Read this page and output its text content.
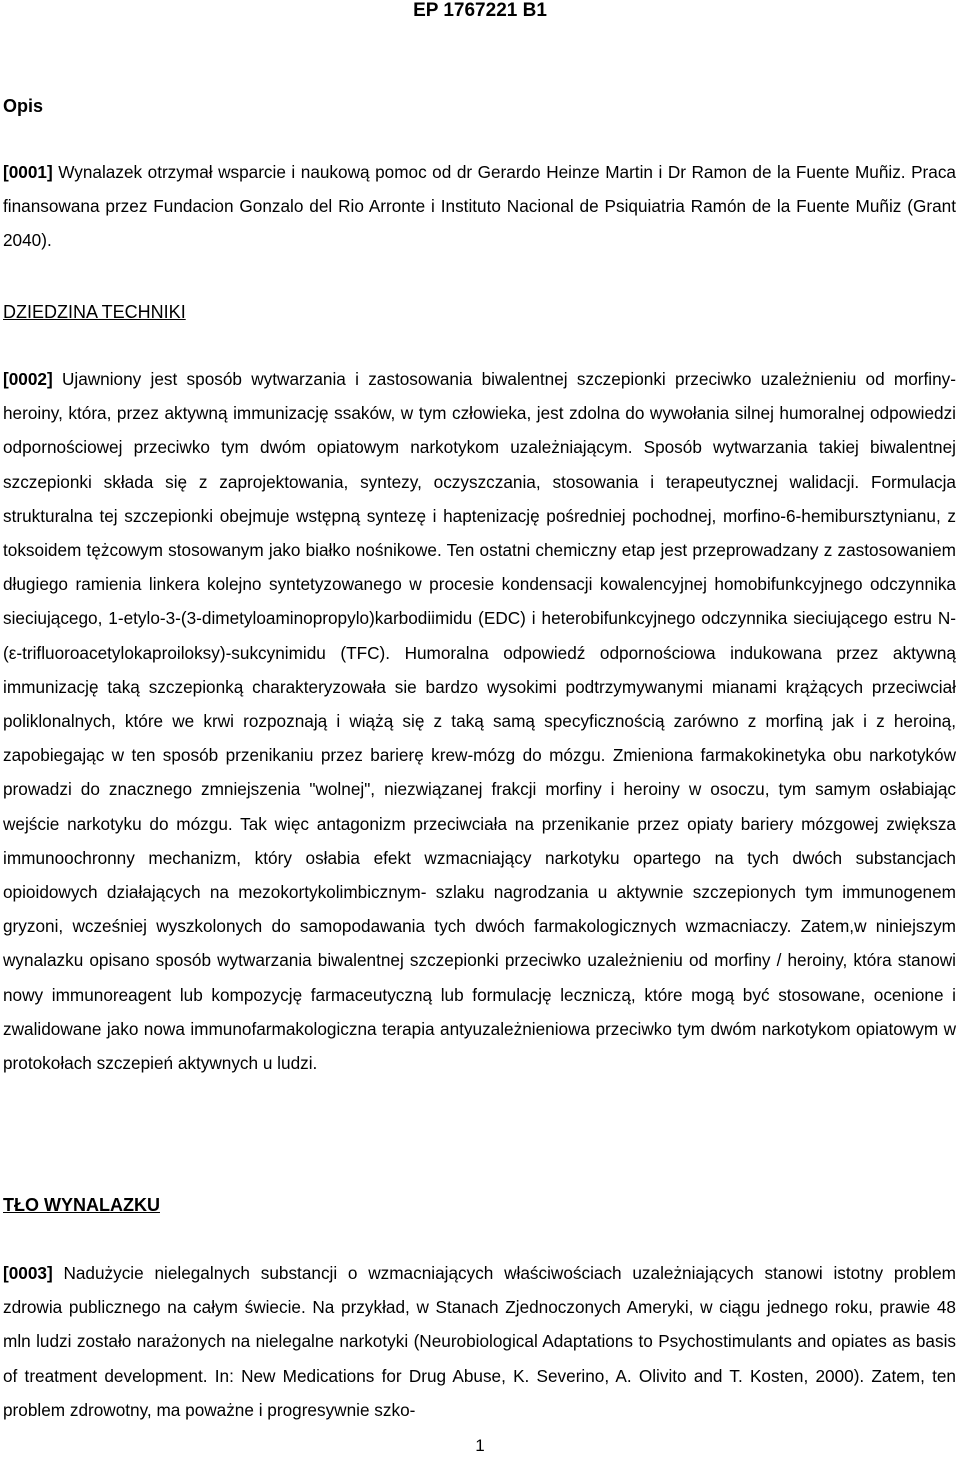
EP 1767221 B1
Opis

[0001] Wynalazek otrzymał wsparcie i naukową pomoc od dr Gerardo Heinze Martin i Dr Ramon de la Fuente Muñiz. Praca finansowana przez Fundacion Gonzalo del Rio Arronte i Instituto Nacional de Psiquiatria Ramón de la Fuente Muñiz (Grant 2040).

DZIEDZINA TECHNIKI

[0002] Ujawniony jest sposób wytwarzania i zastosowania biwalentnej szczepionki przeciwko uzależnieniu od morfiny-heroiny, która, przez aktywną immunizację ssaków, w tym człowieka, jest zdolna do wywołania silnej humoralnej odpowiedzi odpornościowej przeciwko tym dwóm opiatowym narkotykom uzależniającym. Sposób wytwarzania takiej biwalentnej szczepionki składa się z zaprojektowania, syntezy, oczyszczania, stosowania i terapeutycznej walidacji. Formulacja strukturalna tej szczepionki obejmuje wstępną syntezę i haptenizację pośredniej pochodnej, morfino-6-hemibursztynianu, z toksoidem tężcowym stosowanym jako białko nośnikowe. Ten ostatni chemiczny etap jest przeprowadzany z zastosowaniem długiego ramienia linkera kolejno syntetyzowanego w procesie kondensacji kowalencyjnej homobifunkcyjnego odczynnika sieciującego, 1-etylo-3-(3-dimetyloaminopropylo)karbodiimidu (EDC) i heterobifunkcyjnego odczynnika sieciującego estru N-(ε-trifluoroacetylokaproiloksy)-sukcynimidu (TFC). Humoralna odpowiedź odpornościowa indukowana przez aktywną immunizację taką szczepionką charakteryzowała sie bardzo wysokimi podtrzymywanymi mianami krążących przeciwciał poliklonalnych, które we krwi rozpoznają i wiążą się z taką samą specyficznością zarówno z morfiną jak i z heroiną, zapobiegając w ten sposób przenikaniu przez barierę krew-mózg do mózgu. Zmieniona farmakokinetyka obu narkotyków prowadzi do znacznego zmniejszenia "wolnej", niezwiązanej frakcji morfiny i heroiny w osoczu, tym samym osłabiając wejście narkotyku do mózgu. Tak więc antagonizm przeciwciała na przenikanie przez opiaty bariery mózgowej zwiększa immunoochronny mechanizm, który osłabia efekt wzmacniający narkotyku opartego na tych dwóch substancjach opioidowych działających na mezokortykolimbicznym- szlaku nagrodzania u aktywnie szczepionych tym immunogenem gryzoni, wcześniej wyszkolonych do samopodawania tych dwóch farmakologicznych wzmacniaczy. Zatem,w niniejszym wynalazku opisano sposób wytwarzania biwalentnej szczepionki przeciwko uzależnieniu od morfiny / heroiny, która stanowi nowy immunoreagent lub kompozycję farmaceutyczną lub formulację leczniczą, które mogą być stosowane, ocenione i zwalidowane jako nowa immunofarmakologiczna terapia antyuzależnieniowa przeciwko tym dwóm narkotykom opiatowym w protokołach szczepień aktywnych u ludzi.

TŁO WYNALAZKU

[0003] Nadużycie nielegalnych substancji o wzmacniających właściwościach uzależniających stanowi istotny problem zdrowia publicznego na całym świecie. Na przykład, w Stanach Zjednoczonych Ameryki, w ciągu jednego roku, prawie 48 mln ludzi zostało narażonych na nielegalne narkotyki (Neurobiological Adaptations to Psychostimulants and opiates as basis of treatment development. In: New Medications for Drug Abuse, K. Severino, A. Olivito and T. Kosten, 2000). Zatem, ten problem zdrowotny, ma poważne i progresywnie szko-

1
